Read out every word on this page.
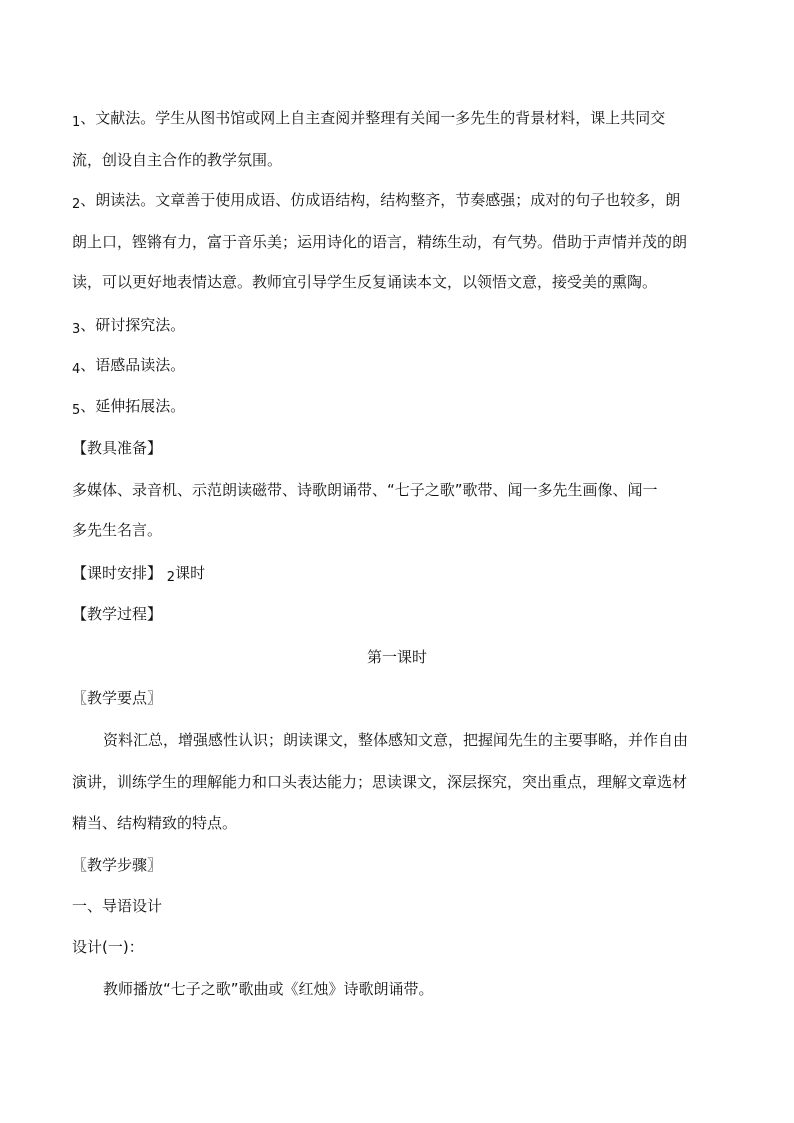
1、文献法。学生从图书馆或网上自主查阅并整理有关闻一多先生的背景材料，课上共同交
流，创设自主合作的教学氛围。
2、朗读法。文章善于使用成语、仿成语结构，结构整齐，节奏感强；成对的句子也较多，朗
朗上口，铿锵有力，富于音乐美；运用诗化的语言，精练生动，有气势。借助于声情并茂的朗
读，可以更好地表情达意。教师宜引导学生反复诵读本文，以领悟文意，接受美的熏陶。
3、研讨探究法。
4、语感品读法。
5、延伸拓展法。
【教具准备】
多媒体、录音机、示范朗读磁带、诗歌朗诵带、“七子之歌”歌带、闻一多先生画像、闻一
多先生名言。
【课时安排】 2课时
【教学过程】
第一课时
〖教学要点〗
资料汇总，增强感性认识；朗读课文，整体感知文意，把握闻先生的主要事略，并作自由
演讲，训练学生的理解能力和口头表达能力；思读课文，深层探究，突出重点，理解文章选材
精当、结构精致的特点。
〖教学步骤〗
一、导语设计
设计(一)：
教师播放“七子之歌”歌曲或《红烛》诗歌朗诵带。
